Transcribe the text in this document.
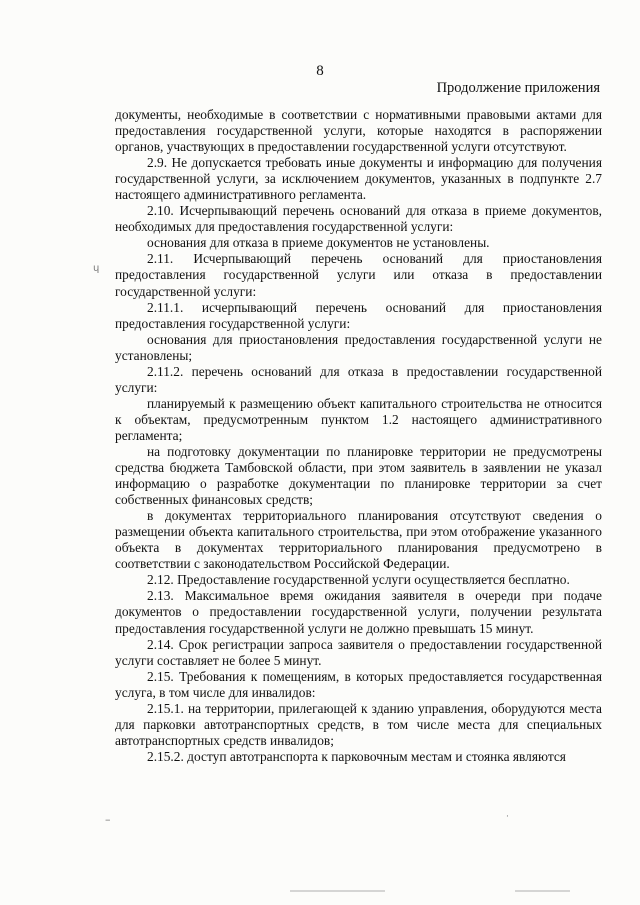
8
Продолжение приложения

документы, необходимые в соответствии с нормативными правовыми актами для предоставления государственной услуги, которые находятся в распоряжении органов, участвующих в предоставлении государственной услуги отсутствуют.

2.9. Не допускается требовать иные документы и информацию для получения государственной услуги, за исключением документов, указанных в подпункте 2.7 настоящего административного регламента.

2.10. Исчерпывающий перечень оснований для отказа в приеме документов, необходимых для предоставления государственной услуги:

основания для отказа в приеме документов не установлены.

2.11. Исчерпывающий перечень оснований для приостановления предоставления государственной услуги или отказа в предоставлении государственной услуги:

2.11.1. исчерпывающий перечень оснований для приостановления предоставления государственной услуги:

основания для приостановления предоставления государственной услуги не установлены;

2.11.2. перечень оснований для отказа в предоставлении государственной услуги:

планируемый к размещению объект капитального строительства не относится к объектам, предусмотренным пунктом 1.2 настоящего административного регламента;

на подготовку документации по планировке территории не предусмотрены средства бюджета Тамбовской области, при этом заявитель в заявлении не указал информацию о разработке документации по планировке территории за счет собственных финансовых средств;

в документах территориального планирования отсутствуют сведения о размещении объекта капитального строительства, при этом отображение указанного объекта в документах территориального планирования предусмотрено в соответствии с законодательством Российской Федерации.

2.12. Предоставление государственной услуги осуществляется бесплатно.

2.13. Максимальное время ожидания заявителя в очереди при подаче документов о предоставлении государственной услуги, получении результата предоставления государственной услуги не должно превышать 15 минут.

2.14. Срок регистрации запроса заявителя о предоставлении государственной услуги составляет не более 5 минут.

2.15. Требования к помещениям, в которых предоставляется государственная услуга, в том числе для инвалидов:

2.15.1. на территории, прилегающей к зданию управления, оборудуются места для парковки автотранспортных средств, в том числе места для специальных автотранспортных средств инвалидов;

2.15.2. доступ автотранспорта к парковочным местам и стоянка являются

ɥ
–	·
